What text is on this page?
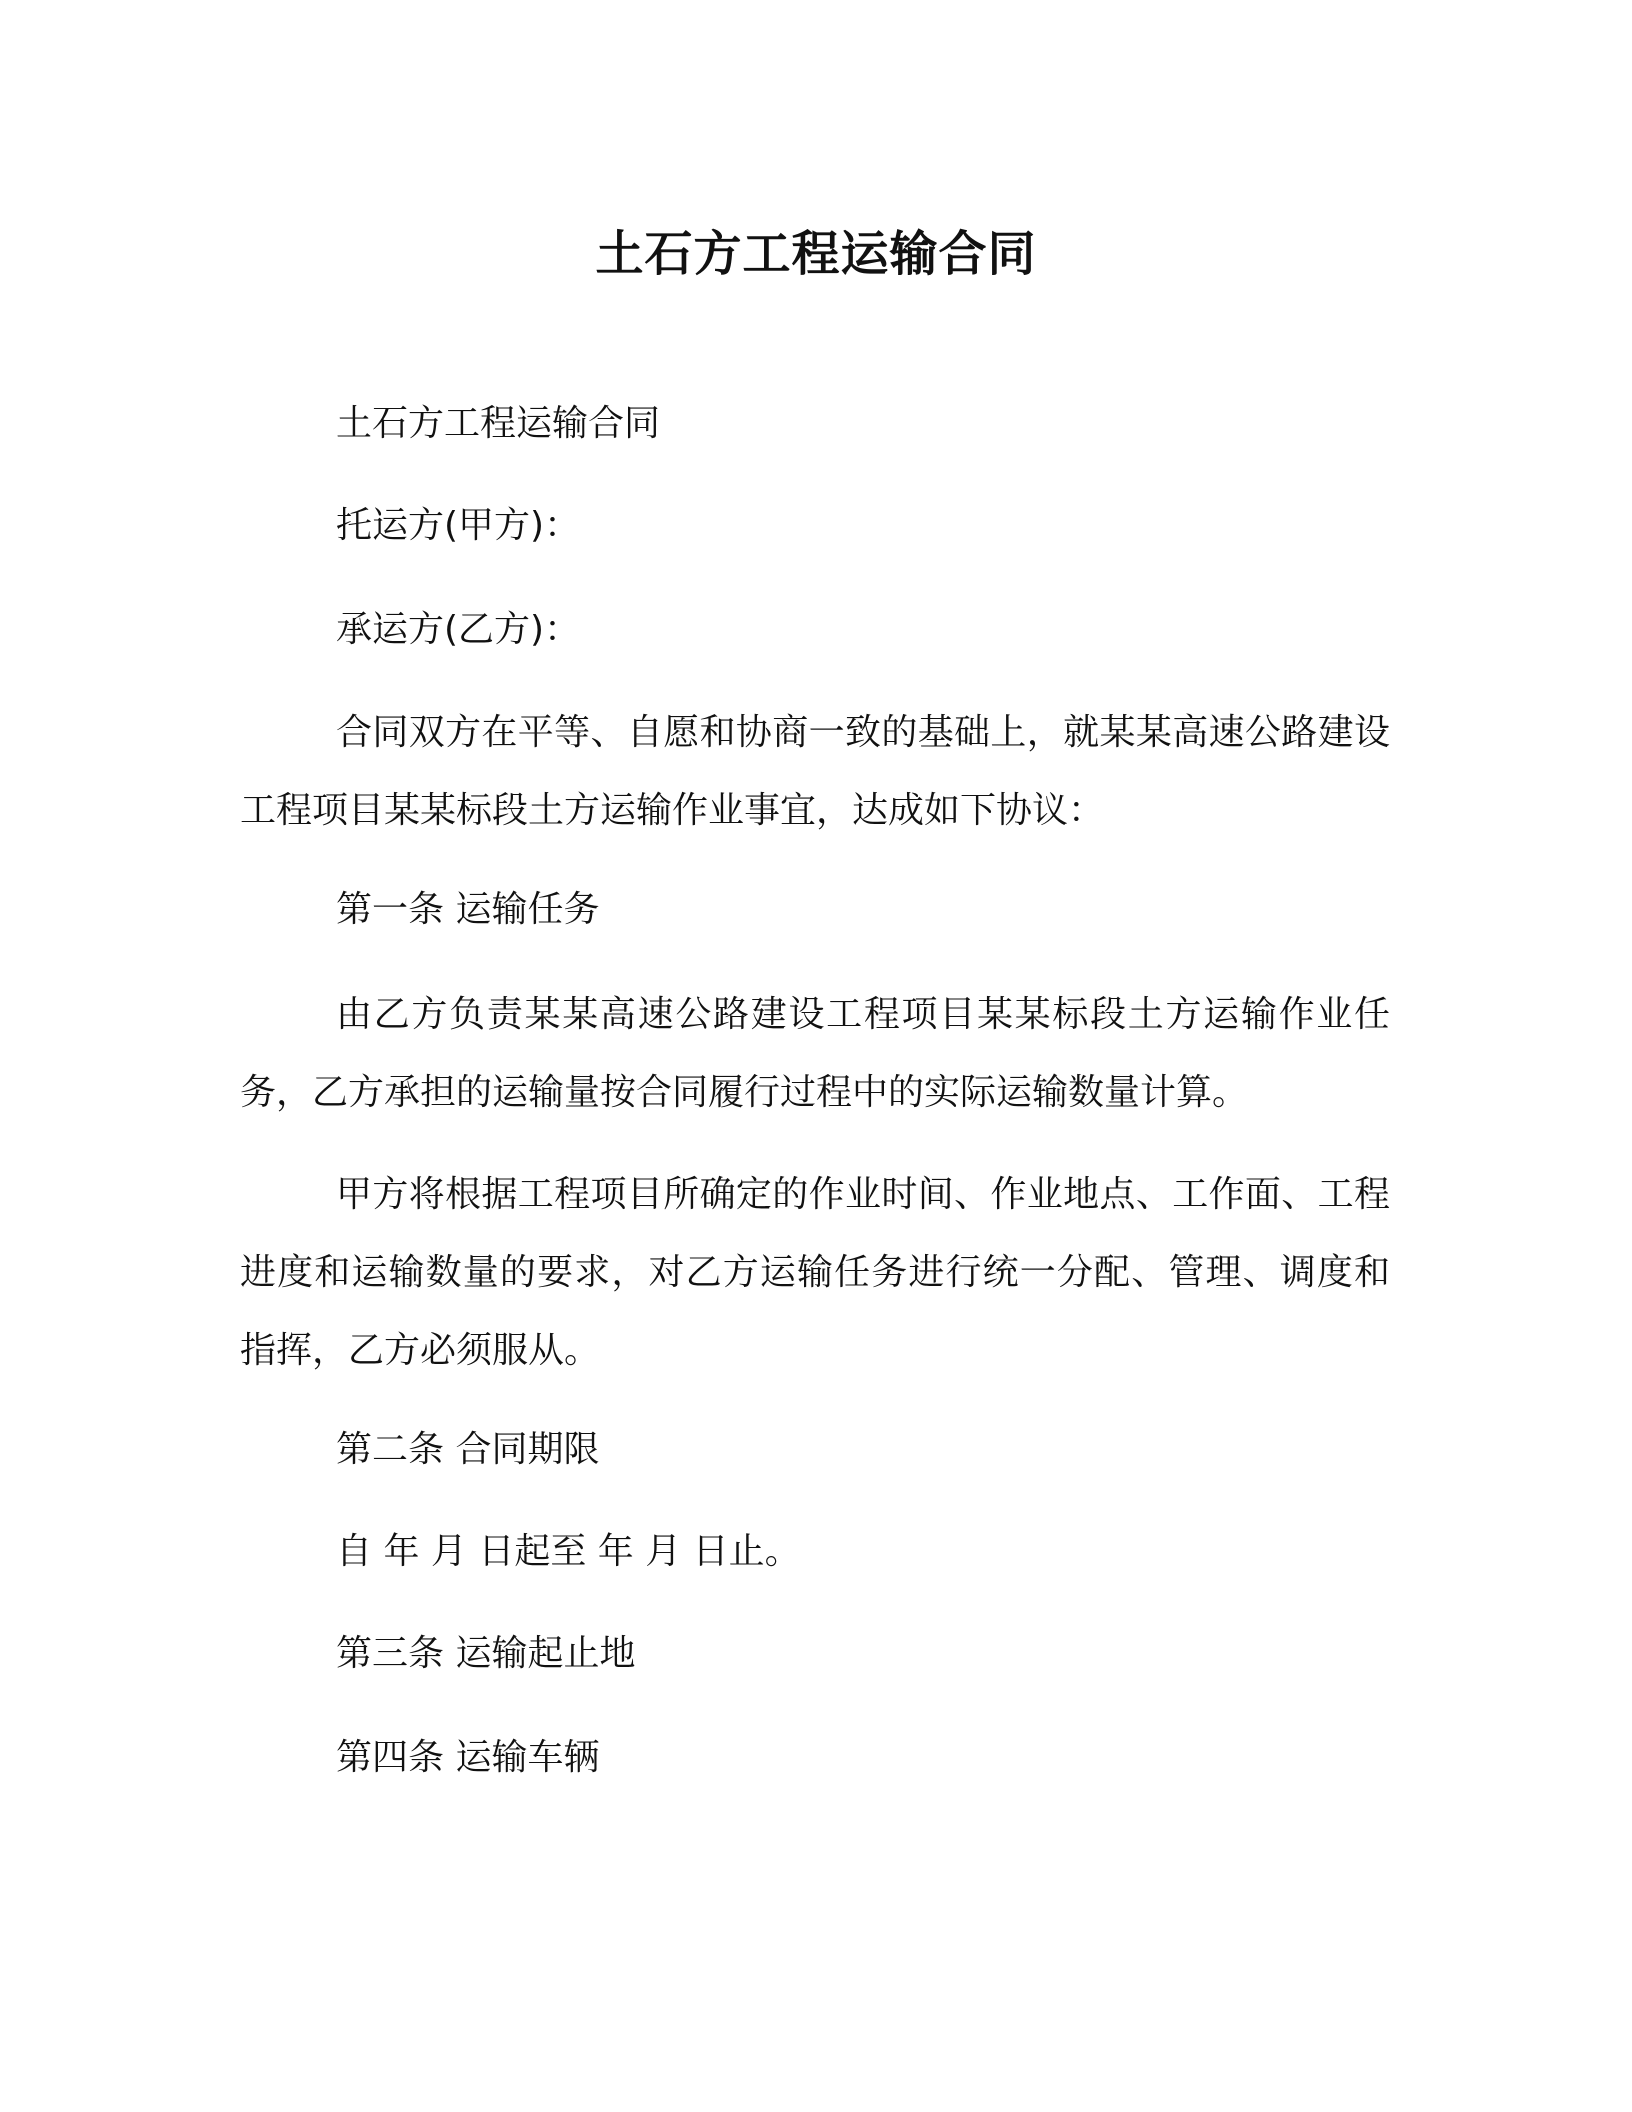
土石方工程运输合同
土石方工程运输合同
托运方(甲方)：
承运方(乙方)：
合同双方在平等、自愿和协商一致的基础上，就某某高速公路建设工程项目某某标段土方运输作业事宜，达成如下协议：
第一条 运输任务
由乙方负责某某高速公路建设工程项目某某标段土方运输作业任务，乙方承担的运输量按合同履行过程中的实际运输数量计算。
甲方将根据工程项目所确定的作业时间、作业地点、工作面、工程进度和运输数量的要求，对乙方运输任务进行统一分配、管理、调度和指挥，乙方必须服从。
第二条 合同期限
自 年 月 日起至 年 月 日止。
第三条 运输起止地
第四条 运输车辆
